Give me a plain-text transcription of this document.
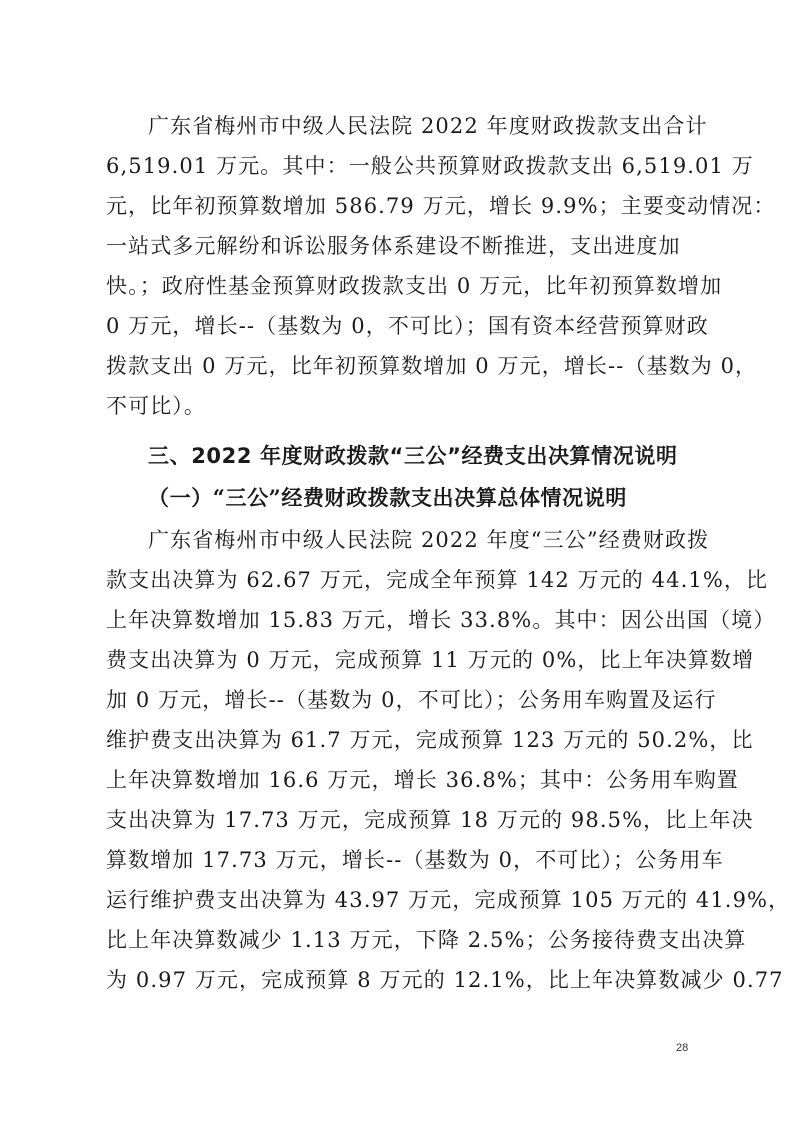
广东省梅州市中级人民法院 2022 年度财政拨款支出合计
6,519.01 万元。其中：一般公共预算财政拨款支出 6,519.01 万
元，比年初预算数增加 586.79 万元，增长 9.9%；主要变动情况：
一站式多元解纷和诉讼服务体系建设不断推进，支出进度加
快。；政府性基金预算财政拨款支出 0 万元，比年初预算数增加
0 万元，增长--（基数为 0，不可比）；国有资本经营预算财政
拨款支出 0 万元，比年初预算数增加 0 万元，增长--（基数为 0，
不可比）。
三、2022 年度财政拨款“三公”经费支出决算情况说明
（一）“三公”经费财政拨款支出决算总体情况说明
广东省梅州市中级人民法院 2022 年度“三公”经费财政拨
款支出决算为 62.67 万元，完成全年预算 142 万元的 44.1%，比
上年决算数增加 15.83 万元，增长 33.8%。其中：因公出国（境）
费支出决算为 0 万元，完成预算 11 万元的 0%，比上年决算数增
加 0 万元，增长--（基数为 0，不可比）；公务用车购置及运行
维护费支出决算为 61.7 万元，完成预算 123 万元的 50.2%，比
上年决算数增加 16.6 万元，增长 36.8%；其中：公务用车购置
支出决算为 17.73 万元，完成预算 18 万元的 98.5%，比上年决
算数增加 17.73 万元，增长--（基数为 0，不可比）；公务用车
运行维护费支出决算为 43.97 万元，完成预算 105 万元的 41.9%，
比上年决算数减少 1.13 万元，下降 2.5%；公务接待费支出决算
为 0.97 万元，完成预算 8 万元的 12.1%，比上年决算数减少 0.77
28
